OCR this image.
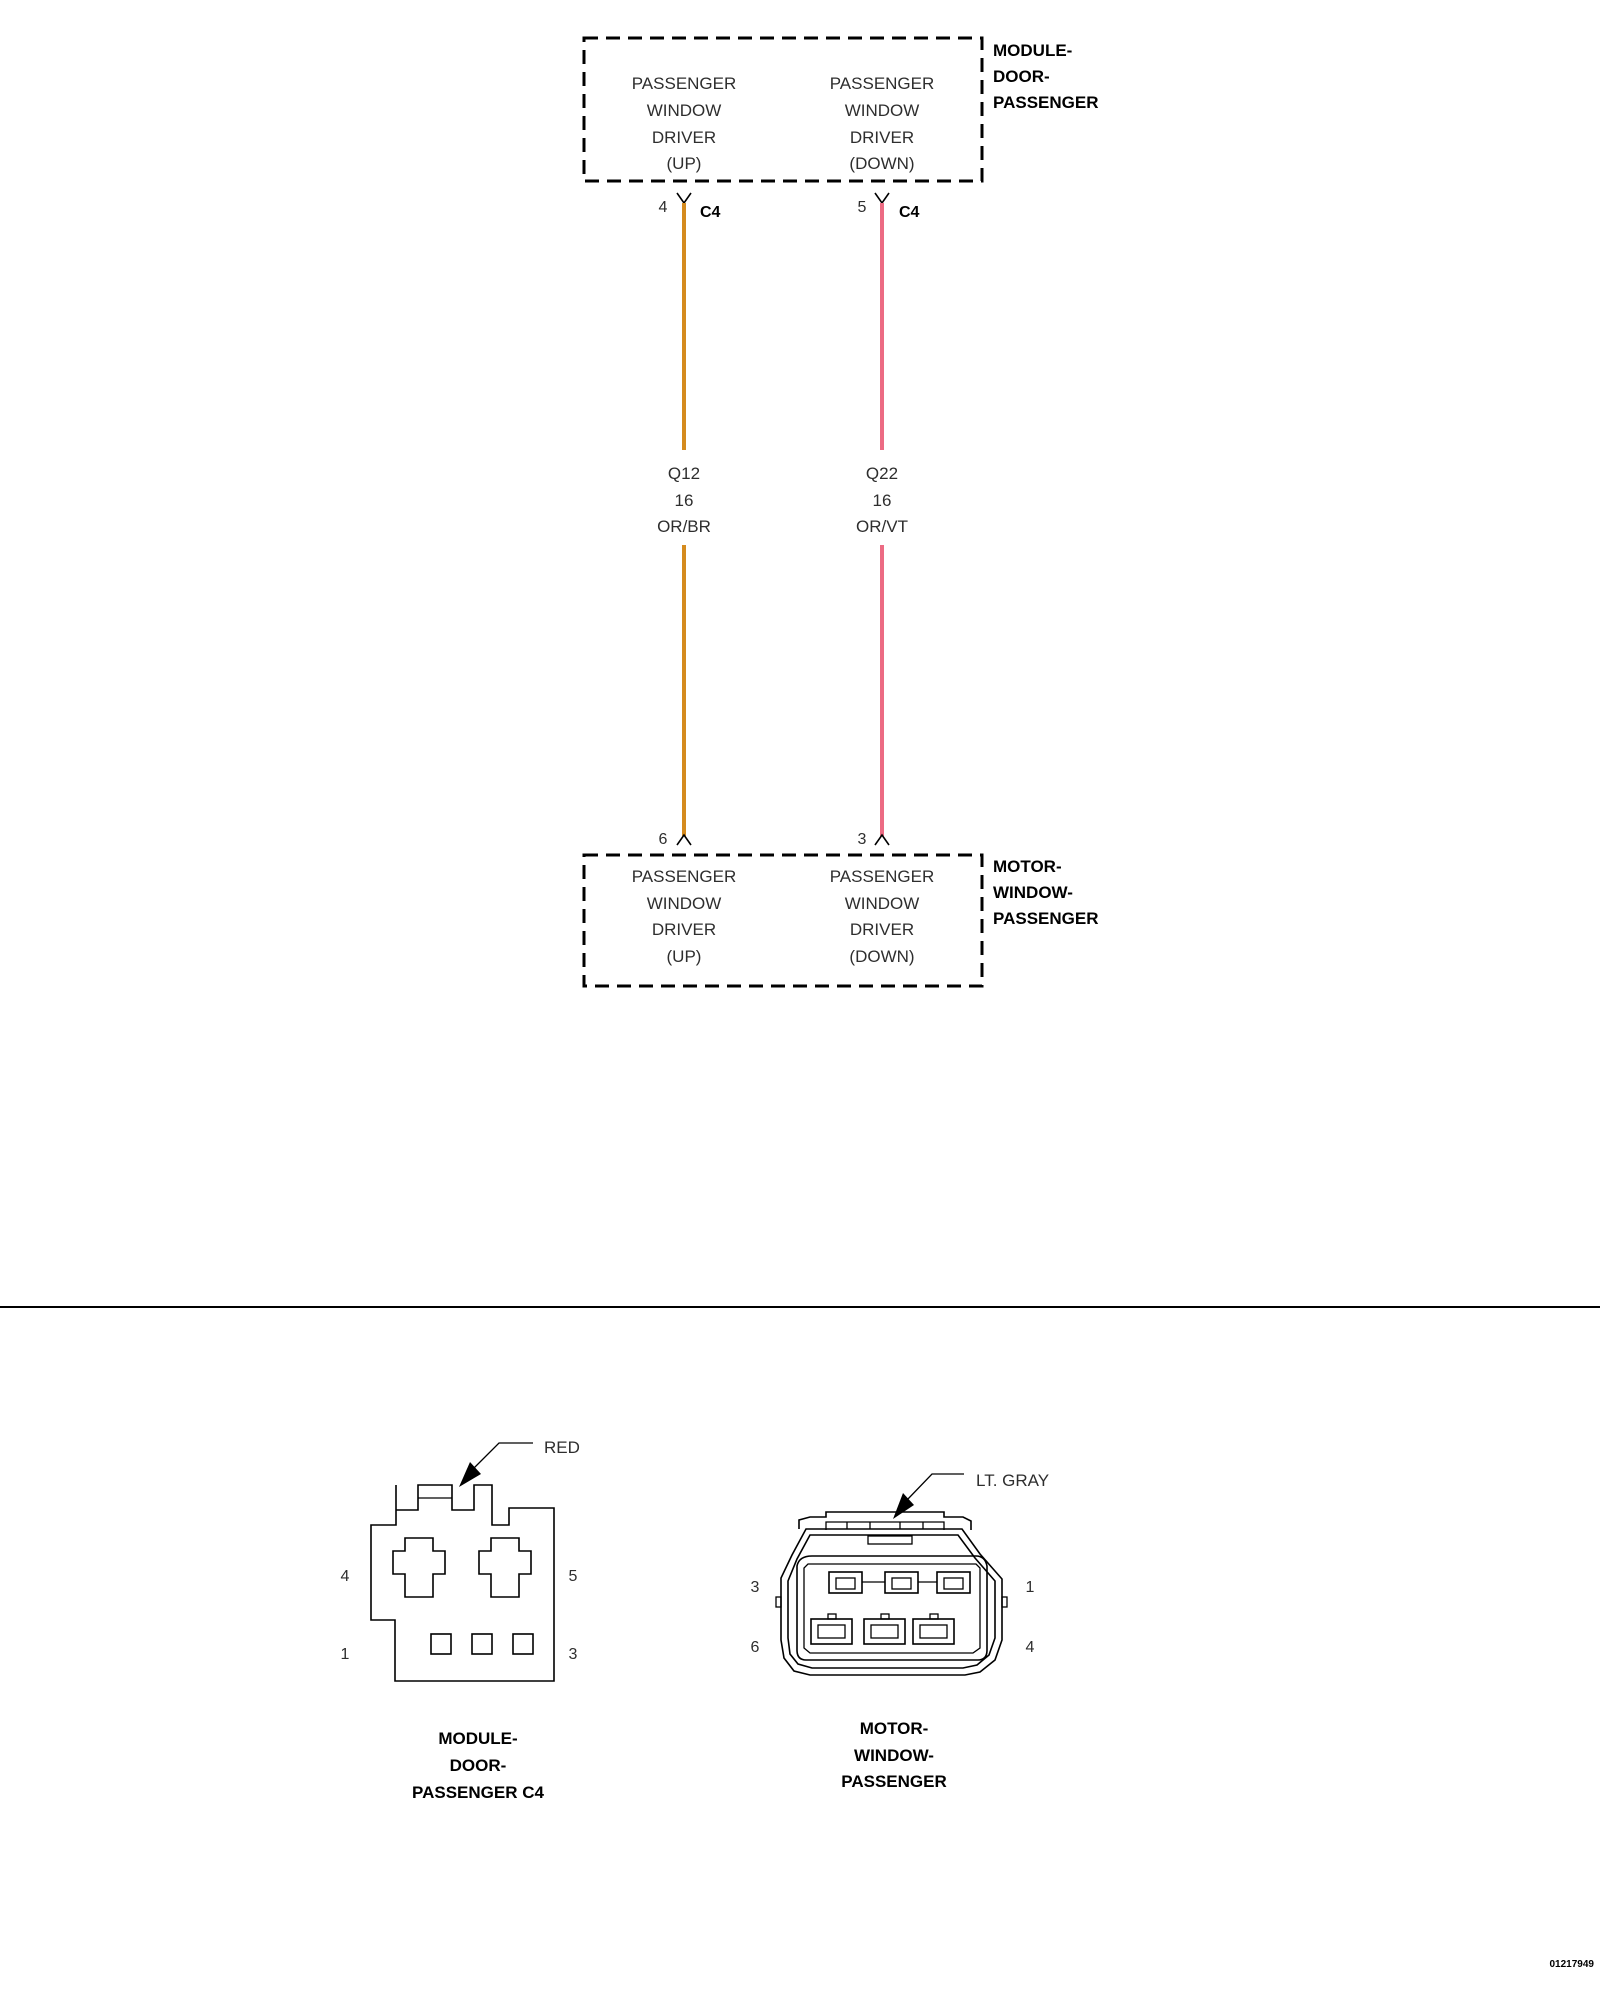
PASSENGER
WINDOW
DRIVER
(UP)
PASSENGER
WINDOW
DRIVER
(DOWN)
MODULE-
DOOR-
PASSENGER
4 C4
Q12
16
OR/BR
6
5 C4
Q22
16
OR/VT
3
PASSENGER
WINDOW
DRIVER
(UP)
PASSENGER
WINDOW
DRIVER
(DOWN)
MOTOR-
WINDOW-
PASSENGER
RED
4	5
1	3
MODULE-
DOOR-
PASSENGER C4
LT. GRAY
3	1
6	4
MOTOR-
WINDOW-
PASSENGER
01217949
